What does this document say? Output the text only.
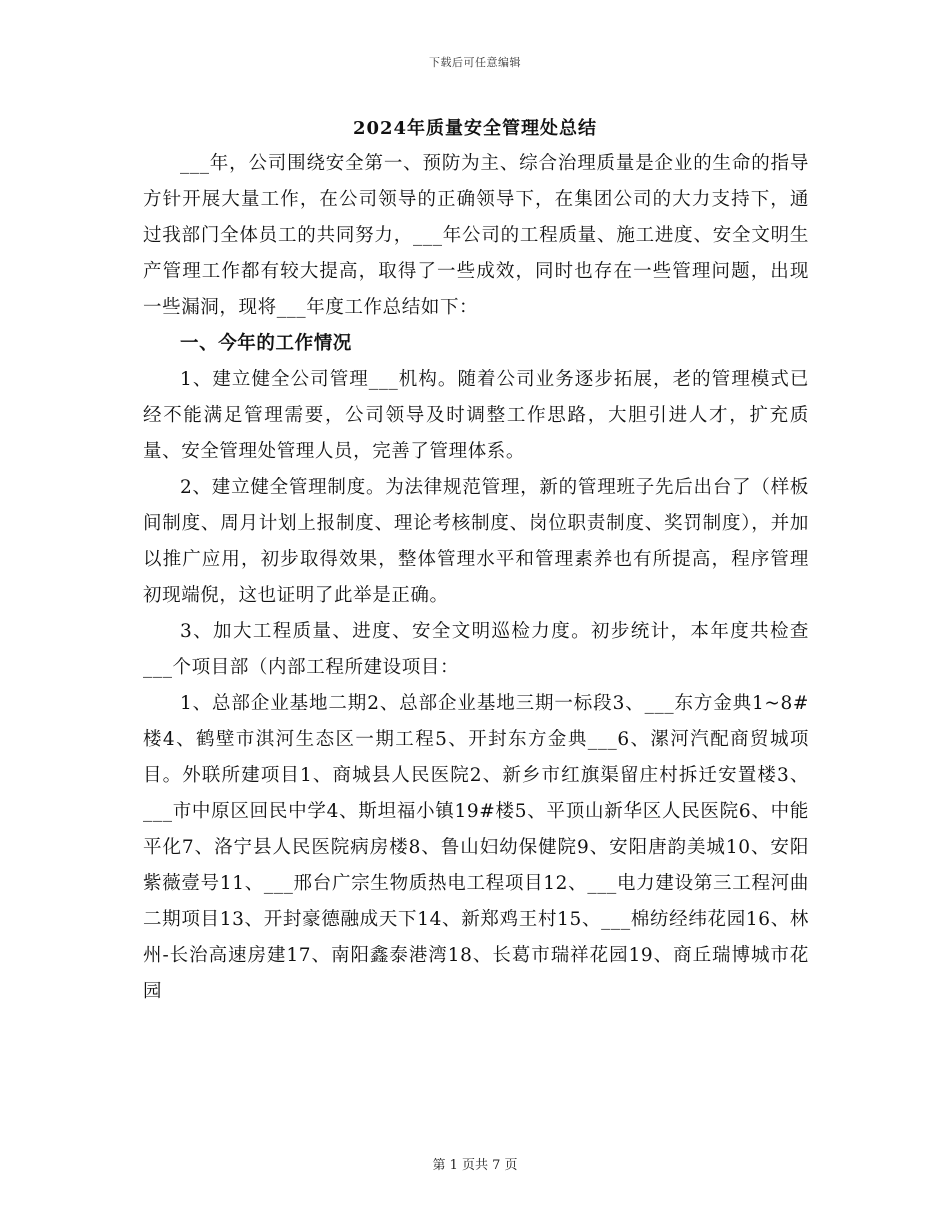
下载后可任意编辑
2024年质量安全管理处总结

___年，公司围绕安全第一、预防为主、综合治理质量是企业的生命的指导方针开展大量工作，在公司领导的正确领导下，在集团公司的大力支持下，通过我部门全体员工的共同努力，___年公司的工程质量、施工进度、安全文明生产管理工作都有较大提高，取得了一些成效，同时也存在一些管理问题，出现一些漏洞，现将___年度工作总结如下：

一、今年的工作情况

1、建立健全公司管理___机构。随着公司业务逐步拓展，老的管理模式已经不能满足管理需要，公司领导及时调整工作思路，大胆引进人才，扩充质量、安全管理处管理人员，完善了管理体系。

2、建立健全管理制度。为法律规范管理，新的管理班子先后出台了（样板间制度、周月计划上报制度、理论考核制度、岗位职责制度、奖罚制度），并加以推广应用，初步取得效果，整体管理水平和管理素养也有所提高，程序管理初现端倪，这也证明了此举是正确。

3、加大工程质量、进度、安全文明巡检力度。初步统计，本年度共检查___个项目部（内部工程所建设项目：

1、总部企业基地二期2、总部企业基地三期一标段3、___东方金典1~8#楼4、鹤壁市淇河生态区一期工程5、开封东方金典___6、漯河汽配商贸城项目。外联所建项目1、商城县人民医院2、新乡市红旗渠留庄村拆迁安置楼3、___市中原区回民中学4、斯坦福小镇19#楼5、平顶山新华区人民医院6、中能平化7、洛宁县人民医院病房楼8、鲁山妇幼保健院9、安阳唐韵美城10、安阳紫薇壹号11、___邢台广宗生物质热电工程项目12、___电力建设第三工程河曲二期项目13、开封豪德融成天下14、新郑鸡王村15、___棉纺经纬花园16、林州-长治高速房建17、南阳鑫泰港湾18、长葛市瑞祥花园19、商丘瑞博城市花园

第 1 页共 7 页
